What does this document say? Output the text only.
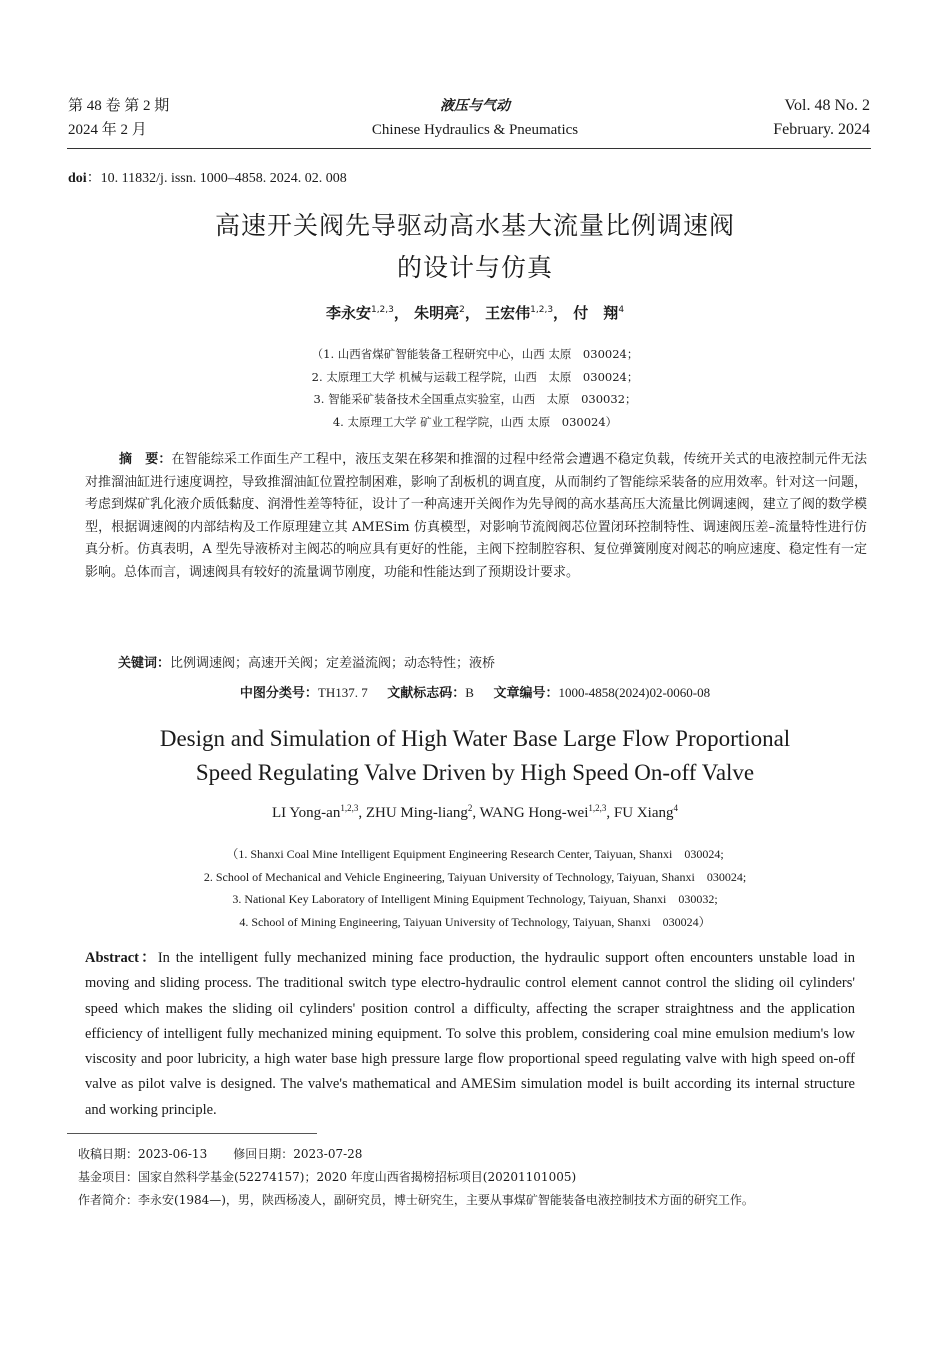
第 48 卷 第 2 期
2024 年 2 月
液压与气动
Chinese Hydraulics & Pneumatics
Vol. 48 No. 2
February. 2024
doi：10. 11832/j. issn. 1000–4858. 2024. 02. 008
高速开关阀先导驱动高水基大流量比例调速阀
的设计与仿真
李永安$^{1,2,3}$， 朱明亮$^2$， 王宏伟$^{1,2,3}$， 付　翔$^4$
（1. 山西省煤矿智能装备工程研究中心，山西 太原　030024；
2. 太原理工大学 机械与运载工程学院，山西　太原　030024；
3. 智能采矿装备技术全国重点实验室，山西　太原　030032；
4. 太原理工大学 矿业工程学院，山西 太原　030024）
摘　要：在智能综采工作面生产工程中，液压支架在移架和推溜的过程中经常会遭遇不稳定负载，传统开关式的电液控制元件无法对推溜油缸进行速度调控，导致推溜油缸位置控制困难，影响了刮板机的调直度，从而制约了智能综采装备的应用效率。针对这一问题，考虑到煤矿乳化液介质低黏度、润滑性差等特征，设计了一种高速开关阀作为先导阀的高水基高压大流量比例调速阀，建立了阀的数学模型，根据调速阀的内部结构及工作原理建立其 AMESim 仿真模型，对影响节流阀阀芯位置闭环控制特性、调速阀压差–流量特性进行仿真分析。仿真表明，A 型先导液桥对主阀芯的响应具有更好的性能，主阀下控制腔容积、复位弹簧刚度对阀芯的响应速度、稳定性有一定影响。总体而言，调速阀具有较好的流量调节刚度，功能和性能达到了预期设计要求。
关键词：比例调速阀；高速开关阀；定差溢流阀；动态特性；液桥
中图分类号：TH137. 7 文献标志码：B 文章编号：1000-4858(2024)02-0060-08
Design and Simulation of High Water Base Large Flow Proportional
Speed Regulating Valve Driven by High Speed On-off Valve
LI Yong-an$^{1,2,3}$, ZHU Ming-liang$^2$, WANG Hong-wei$^{1,2,3}$, FU Xiang$^4$
（1. Shanxi Coal Mine Intelligent Equipment Engineering Research Center, Taiyuan, Shanxi　030024;
2. School of Mechanical and Vehicle Engineering, Taiyuan University of Technology, Taiyuan, Shanxi　030024;
3. National Key Laboratory of Intelligent Mining Equipment Technology, Taiyuan, Shanxi　030032;
4. School of Mining Engineering, Taiyuan University of Technology, Taiyuan, Shanxi　030024）
Abstract：In the intelligent fully mechanized mining face production, the hydraulic support often encounters unstable load in moving and sliding process. The traditional switch type electro-hydraulic control element cannot control the sliding oil cylinders' speed which makes the sliding oil cylinders' position control a difficulty, affecting the scraper straightness and the application efficiency of intelligent fully mechanized mining equipment. To solve this problem, considering coal mine emulsion medium's low viscosity and poor lubricity, a high water base high pressure large flow proportional speed regulating valve with high speed on-off valve as pilot valve is designed. The valve's mathematical and AMESim simulation model is built according its internal structure and working principle.
收稿日期：2023-06-13 修回日期：2023-07-28
基金项目：国家自然科学基金(52274157)；2020 年度山西省揭榜招标项目(20201101005)
作者简介：李永安(1984—)，男，陕西杨凌人，副研究员，博士研究生，主要从事煤矿智能装备电液控制技术方面的研究工作。
